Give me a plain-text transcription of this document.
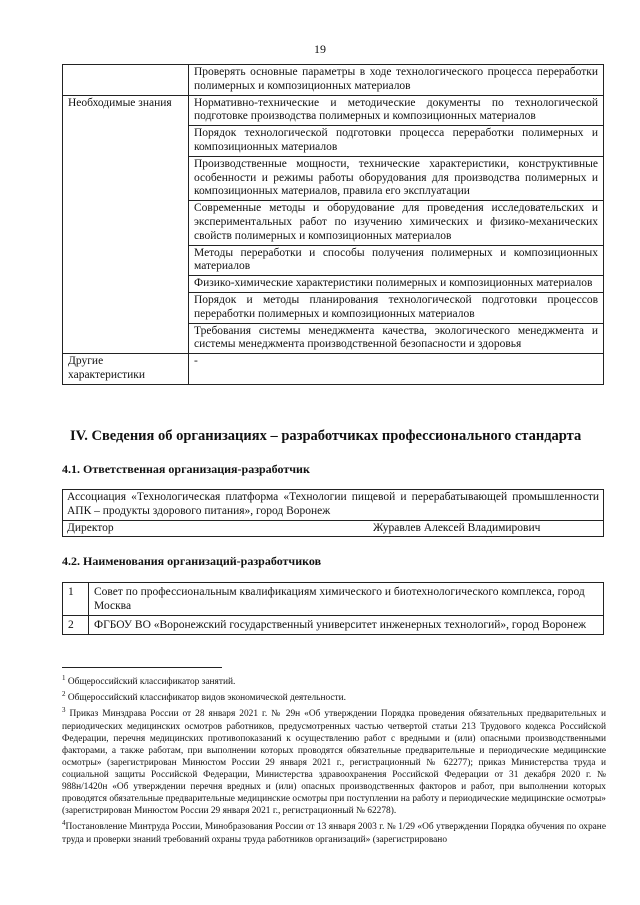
19
	Проверять основные параметры в ходе технологического процесса переработки полимерных и композиционных материалов
Необходимые знания	Нормативно-технические и методические документы по технологической подготовке производства полимерных и композиционных материалов
	Порядок технологической подготовки процесса переработки полимерных и композиционных материалов
	Производственные мощности, технические характеристики, конструктивные особенности и режимы работы оборудования для производства полимерных и композиционных материалов, правила его эксплуатации
	Современные методы и оборудование для проведения исследовательских и экспериментальных работ по изучению химических и физико-механических свойств полимерных и композиционных материалов
	Методы переработки и способы получения полимерных и композиционных материалов
	Физико-химические характеристики полимерных и композиционных материалов
	Порядок и методы планирования технологической подготовки процессов переработки полимерных и композиционных материалов
	Требования системы менеджмента качества, экологического менеджмента и системы менеджмента производственной безопасности и здоровья
Другие характеристики	-
IV. Сведения об организациях – разработчиках профессионального стандарта
4.1. Ответственная организация-разработчик
Ассоциация «Технологическая платформа «Технологии пищевой и перерабатывающей промышленности АПК – продукты здорового питания», город Воронеж
Директор	Журавлев Алексей Владимирович
4.2. Наименования организаций-разработчиков
1	Совет по профессиональным квалификациям химического и биотехнологического комплекса, город Москва
2	ФГБОУ ВО «Воронежский государственный университет инженерных технологий», город Воронеж

$^1$ Общероссийский классификатор занятий.

$^2$ Общероссийский классификатор видов экономической деятельности.

$^3$ Приказ Минздрава России от 28 января 2021 г. № 29н «Об утверждении Порядка проведения обязательных предварительных и периодических медицинских осмотров работников, предусмотренных частью четвертой статьи 213 Трудового кодекса Российской Федерации, перечня медицинских противопоказаний к осуществлению работ с вредными и (или) опасными производственными факторами, а также работам, при выполнении которых проводятся обязательные предварительные и периодические медицинские осмотры» (зарегистрирован Минюстом России 29 января 2021 г., регистрационный № 62277); приказ Министерства труда и социальной защиты Российской Федерации, Министерства здравоохранения Российской Федерации от 31 декабря 2020 г. № 988н/1420н «Об утверждении перечня вредных и (или) опасных производственных факторов и работ, при выполнении которых проводятся обязательные предварительные медицинские осмотры при поступлении на работу и периодические медицинские осмотры» (зарегистрирован Минюстом России 29 января 2021 г., регистрационный № 62278).

$^4$Постановление Минтруда России, Минобразования России от 13 января 2003 г. № 1/29 «Об утверждении Порядка обучения по охране труда и проверки знаний требований охраны труда работников организаций» (зарегистрировано
